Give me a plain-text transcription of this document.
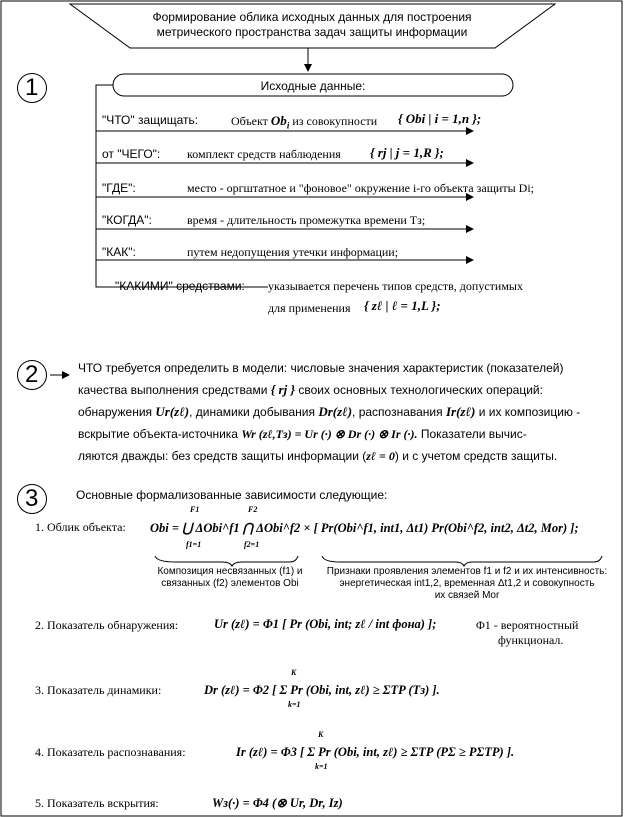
Формирование облика исходных данных для построения
метрического пространства задач защиты информации
1	Исходные данные:
"ЧТО" защищать:	Объект $Ob_i$ из совокупности { Obi | i = 1,n };
от "ЧЕГО": комплект средств наблюдения { rj | j = 1,R };
"ГДЕ":	место - оргштатное и "фоновое" окружение i-го объекта защиты Di;
"КОГДА":	время - длительность промежутка времени Tз;
"КАК":	путем недопущения утечки информации;
"КАКИМИ" средствами: указывается перечень типов средств, допустимых
для применения { zℓ | ℓ = 1,L };
2	ЧТО требуется определить в модели: числовые значения характеристик (показателей)
качества выполнения средствами { rj } своих основных технологических операций:
обнаружения Ur(zℓ), динамики добывания Dr(zℓ), распознавания Ir(zℓ) и их композицию -
вскрытие объекта-источника Wr (zℓ,Tз) = Ur (·) ⊗ Dr (·) ⊗ Ir (·). Показатели вычис-
ляются дважды: без средств защиты информации (zℓ = 0) и с учетом средств защиты.
3	Основные формализованные зависимости следующие:
1. Облик объекта: Obi = ⋃ ΔObi^f1 ⋂ ΔObi^f2 × [ Pr(Obi^f1, int1, Δt1) Pr(Obi^f2, int2, Δt2, Mor) ];
F1
f1=1
F2
f2=1
Композиция несвязанных (f1) и
связанных (f2) элементов Obi
Признаки проявления элементов f1 и f2 и их интенсивность:
энергетическая int1,2, временная Δt1,2 и совокупность
их связей Mor
2. Показатель обнаружения:	Ur (zℓ) = Φ1 [ Pr (Obi, int; zℓ / int фона) ];	Φ1 - вероятностный
функционал.
3. Показатель динамики:	Dr (zℓ) = Φ2 [ Σ Pr (Obi, int, zℓ) ≥ ΣTP (Tз) ].
K
k=1
4. Показатель распознавания:	Ir (zℓ) = Φ3 [ Σ Pr (Obi, int, zℓ) ≥ ΣTP (PΣ ≥ PΣTP) ].
K
k=1
5. Показатель вскрытия:	Wз(·) = Φ4 (⊗ Ur, Dr, Iz)
